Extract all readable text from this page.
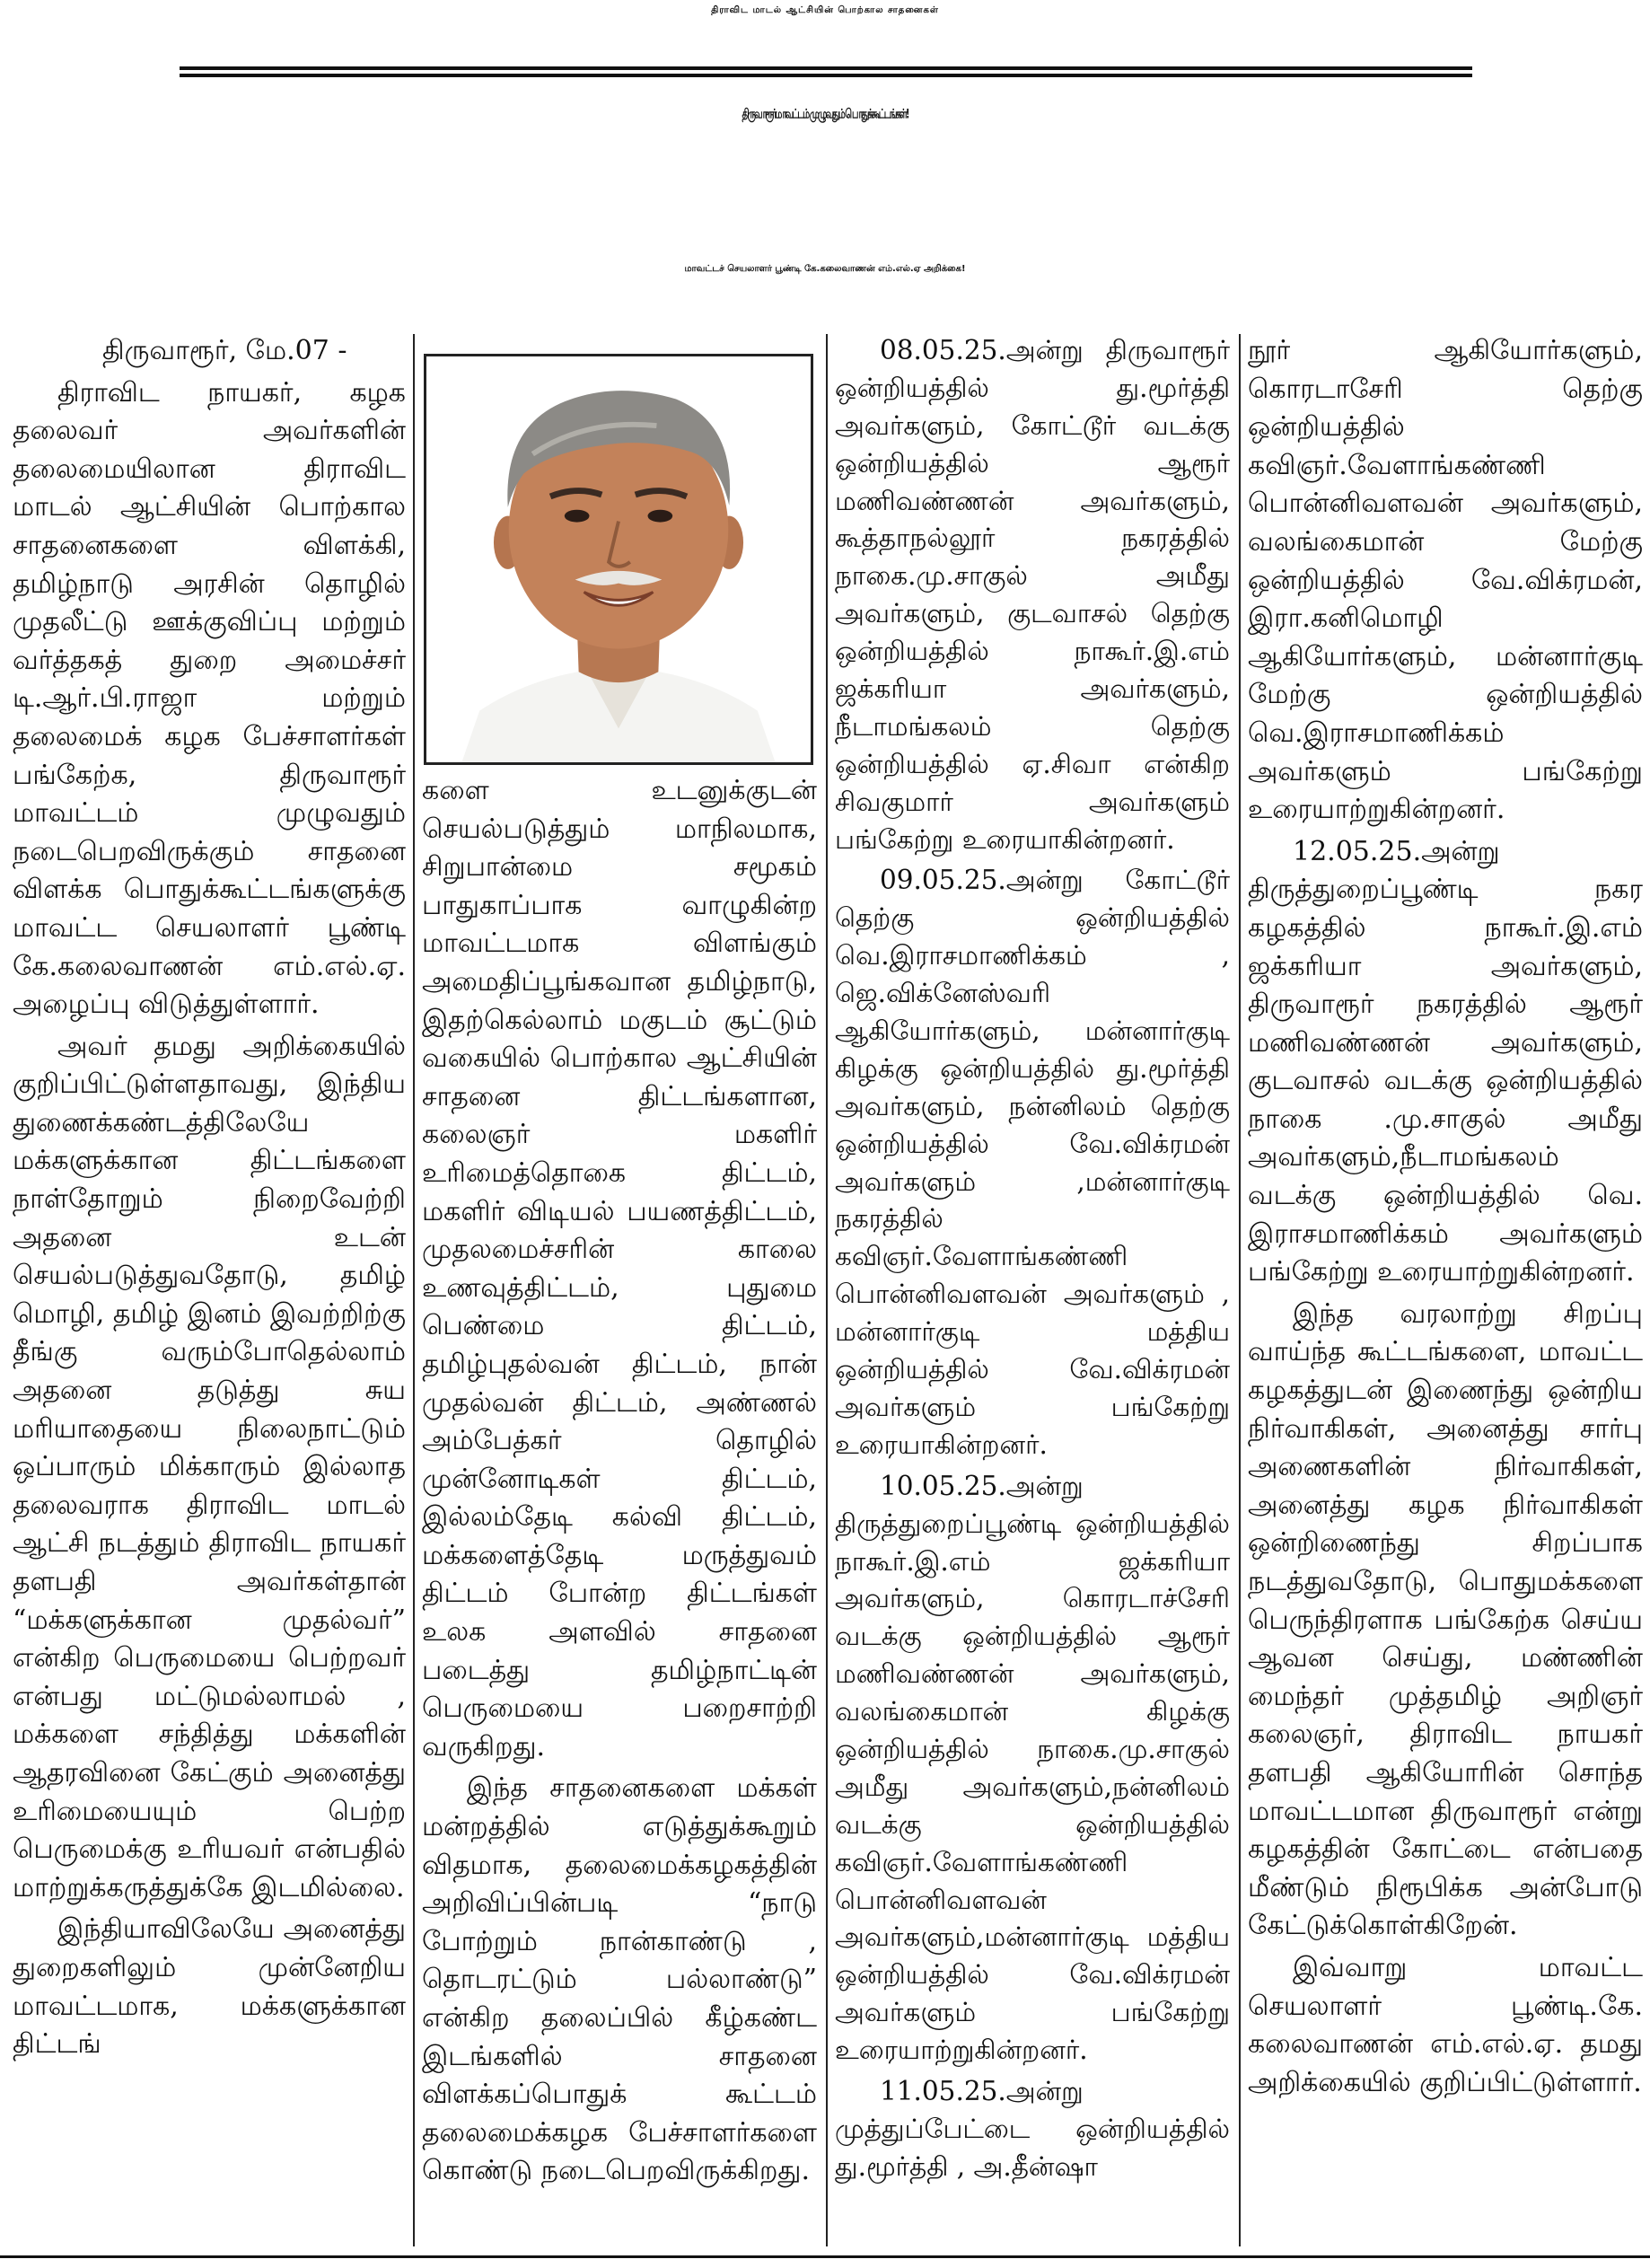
திராவிட மாடல் ஆட்சியின் பொற்கால சாதனைகள்
திருவாரூர்மாவட்டம் முழுவதும் பொதுக்கூட்டங்கள்!
மாவட்டச் செயலாளர் பூண்டி கே.கலைவாணன் எம்.எல்.ஏ அறிக்கை!

திருவாரூர், மே.07 -

திராவிட நாயகர், கழக தலைவர் அவர்களின் தலைமையிலான திராவிட மாடல் ஆட்சியின் பொற்கால சாதனைகளை விளக்கி, தமிழ்நாடு அரசின் தொழில் முதலீட்டு ஊக்குவிப்பு மற்றும் வர்த்தகத் துறை அமைச்சர் டி.ஆர்.பி.ராஜா மற்றும் தலைமைக் கழக பேச்சாளர்கள் பங்கேற்க, திருவாரூர் மாவட்டம் முழுவதும் நடைபெறவிருக்கும் சாதனை விளக்க பொதுக்கூட்டங்களுக்கு மாவட்ட செயலாளர் பூண்டி கே.கலைவாணன் எம்.எல்.ஏ. அழைப்பு விடுத்துள்ளார்.

அவர் தமது அறிக்கையில் குறிப்பிட்டுள்ளதாவது, இந்திய துணைக்கண்டத்திலேயே மக்களுக்கான திட்டங்களை நாள்தோறும் நிறைவேற்றி அதனை உடன் செயல்படுத்துவதோடு, தமிழ் மொழி, தமிழ் இனம் இவற்றிற்கு தீங்கு வரும்போதெல்லாம் அதனை தடுத்து சுய மரியாதையை நிலைநாட்டும் ஒப்பாரும் மிக்காரும் இல்லாத தலைவராக திராவிட மாடல் ஆட்சி நடத்தும் திராவிட நாயகர் தளபதி அவர்கள்தான் “மக்களுக்கான முதல்வர்” என்கிற பெருமையை பெற்றவர் என்பது மட்டுமல்லாமல் , மக்களை சந்தித்து மக்களின் ஆதரவினை கேட்கும் அனைத்து உரிமையையும் பெற்ற பெருமைக்கு உரியவர் என்பதில் மாற்றுக்கருத்துக்கே இடமில்லை.

இந்தியாவிலேயே அனைத்து துறைகளிலும் முன்னேறிய மாவட்டமாக, மக்களுக்கான திட்டங்

களை உடனுக்குடன் செயல்படுத்தும் மாநிலமாக, சிறுபான்மை சமூகம் பாதுகாப்பாக வாழுகின்ற மாவட்டமாக விளங்கும் அமைதிப்பூங்கவான தமிழ்நாடு, இதற்கெல்லாம் மகுடம் சூட்டும் வகையில் பொற்கால ஆட்சியின் சாதனை திட்டங்களான, கலைஞர் மகளிர் உரிமைத்தொகை திட்டம், மகளிர் விடியல் பயணத்திட்டம், முதலமைச்சரின் காலை உணவுத்திட்டம், புதுமை பெண்மை திட்டம், தமிழ்புதல்வன் திட்டம், நான் முதல்வன் திட்டம், அண்ணல் அம்பேத்கர் தொழில் முன்னோடிகள் திட்டம், இல்லம்தேடி கல்வி திட்டம், மக்களைத்தேடி மருத்துவம் திட்டம் போன்ற திட்டங்கள் உலக அளவில் சாதனை படைத்து தமிழ்நாட்டின் பெருமையை பறைசாற்றி வருகிறது.

இந்த சாதனைகளை மக்கள் மன்றத்தில் எடுத்துக்கூறும் விதமாக, தலைமைக்கழகத்தின் அறிவிப்பின்படி “நாடு போற்றும் நான்காண்டு , தொடரட்டும் பல்லாண்டு” என்கிற தலைப்பில் கீழ்கண்ட இடங்களில் சாதனை விளக்கப்பொதுக் கூட்டம் தலைமைக்கழக பேச்சாளர்களை கொண்டு நடைபெறவிருக்கிறது.

08.05.25.அன்று திருவாரூர் ஒன்றியத்தில் து.மூர்த்தி அவர்களும், கோட்டூர் வடக்கு ஒன்றியத்தில் ஆரூர் மணிவண்ணன் அவர்களும், கூத்தாநல்லூர் நகரத்தில் நாகை.மு.சாகுல் அமீது அவர்களும், குடவாசல் தெற்கு ஒன்றியத்தில் நாகூர்.இ.எம் ஜக்கரியா அவர்களும், நீடாமங்கலம் தெற்கு ஒன்றியத்தில் ஏ.சிவா என்கிற சிவகுமார் அவர்களும் பங்கேற்று உரையாகின்றனர்.

09.05.25.அன்று கோட்டூர் தெற்கு ஒன்றியத்தில் வெ.இராசமாணிக்கம் , ஜெ.விக்னேஸ்வரி ஆகியோர்களும், மன்னார்குடி கிழக்கு ஒன்றியத்தில் து.மூர்த்தி அவர்களும், நன்னிலம் தெற்கு ஒன்றியத்தில் வே.விக்ரமன் அவர்களும் ,மன்னார்குடி நகரத்தில் கவிஞர்.வேளாங்கண்ணி பொன்னிவளவன் அவர்களும் , மன்னார்குடி மத்திய ஒன்றியத்தில் வே.விக்ரமன் அவர்களும் பங்கேற்று உரையாகின்றனர்.

10.05.25.அன்று திருத்துறைப்பூண்டி ஒன்றியத்தில் நாகூர்.இ.எம் ஜக்கரியா அவர்களும், கொரடாச்சேரி வடக்கு ஒன்றியத்தில் ஆரூர் மணிவண்ணன் அவர்களும், வலங்கைமான் கிழக்கு ஒன்றியத்தில் நாகை.மு.சாகுல் அமீது அவர்களும்,நன்னிலம் வடக்கு ஒன்றியத்தில் கவிஞர்.வேளாங்கண்ணி பொன்னிவளவன் அவர்களும்,மன்னார்குடி மத்திய ஒன்றியத்தில் வே.விக்ரமன் அவர்களும் பங்கேற்று உரையாற்றுகின்றனர்.

11.05.25.அன்று முத்துப்பேட்டை ஒன்றியத்தில் து.மூர்த்தி , அ.தீன்ஷா

நூர் ஆகியோர்களும், கொரடாசேரி தெற்கு ஒன்றியத்தில் கவிஞர்.வேளாங்கண்ணி பொன்னிவளவன் அவர்களும், வலங்கைமான் மேற்கு ஒன்றியத்தில் வே.விக்ரமன், இரா.கனிமொழி ஆகியோர்களும், மன்னார்குடி மேற்கு ஒன்றியத்தில் வெ.இராசமாணிக்கம் அவர்களும் பங்கேற்று உரையாற்றுகின்றனர்.

12.05.25.அன்று திருத்துறைப்பூண்டி நகர கழகத்தில் நாகூர்.இ.எம் ஜக்கரியா அவர்களும், திருவாரூர் நகரத்தில் ஆரூர் மணிவண்ணன் அவர்களும், குடவாசல் வடக்கு ஒன்றியத்தில் நாகை .மு.சாகுல் அமீது அவர்களும்,நீடாமங்கலம் வடக்கு ஒன்றியத்தில் வெ. இராசமாணிக்கம் அவர்களும் பங்கேற்று உரையாற்றுகின்றனர்.

இந்த வரலாற்று சிறப்பு வாய்ந்த கூட்டங்களை, மாவட்ட கழகத்துடன் இணைந்து ஒன்றிய நிர்வாகிகள், அனைத்து சார்பு அணைகளின் நிர்வாகிகள், அனைத்து கழக நிர்வாகிகள் ஒன்றிணைந்து சிறப்பாக நடத்துவதோடு, பொதுமக்களை பெருந்திரளாக பங்கேற்க செய்ய ஆவன செய்து, மண்ணின் மைந்தர் முத்தமிழ் அறிஞர் கலைஞர், திராவிட நாயகர் தளபதி ஆகியோரின் சொந்த மாவட்டமான திருவாரூர் என்று கழகத்தின் கோட்டை என்பதை மீண்டும் நிரூபிக்க அன்போடு கேட்டுக்கொள்கிறேன்.

இவ்வாறு மாவட்ட செயலாளர் பூண்டி.கே. கலைவாணன் எம்.எல்.ஏ. தமது அறிக்கையில் குறிப்பிட்டுள்ளார்.
